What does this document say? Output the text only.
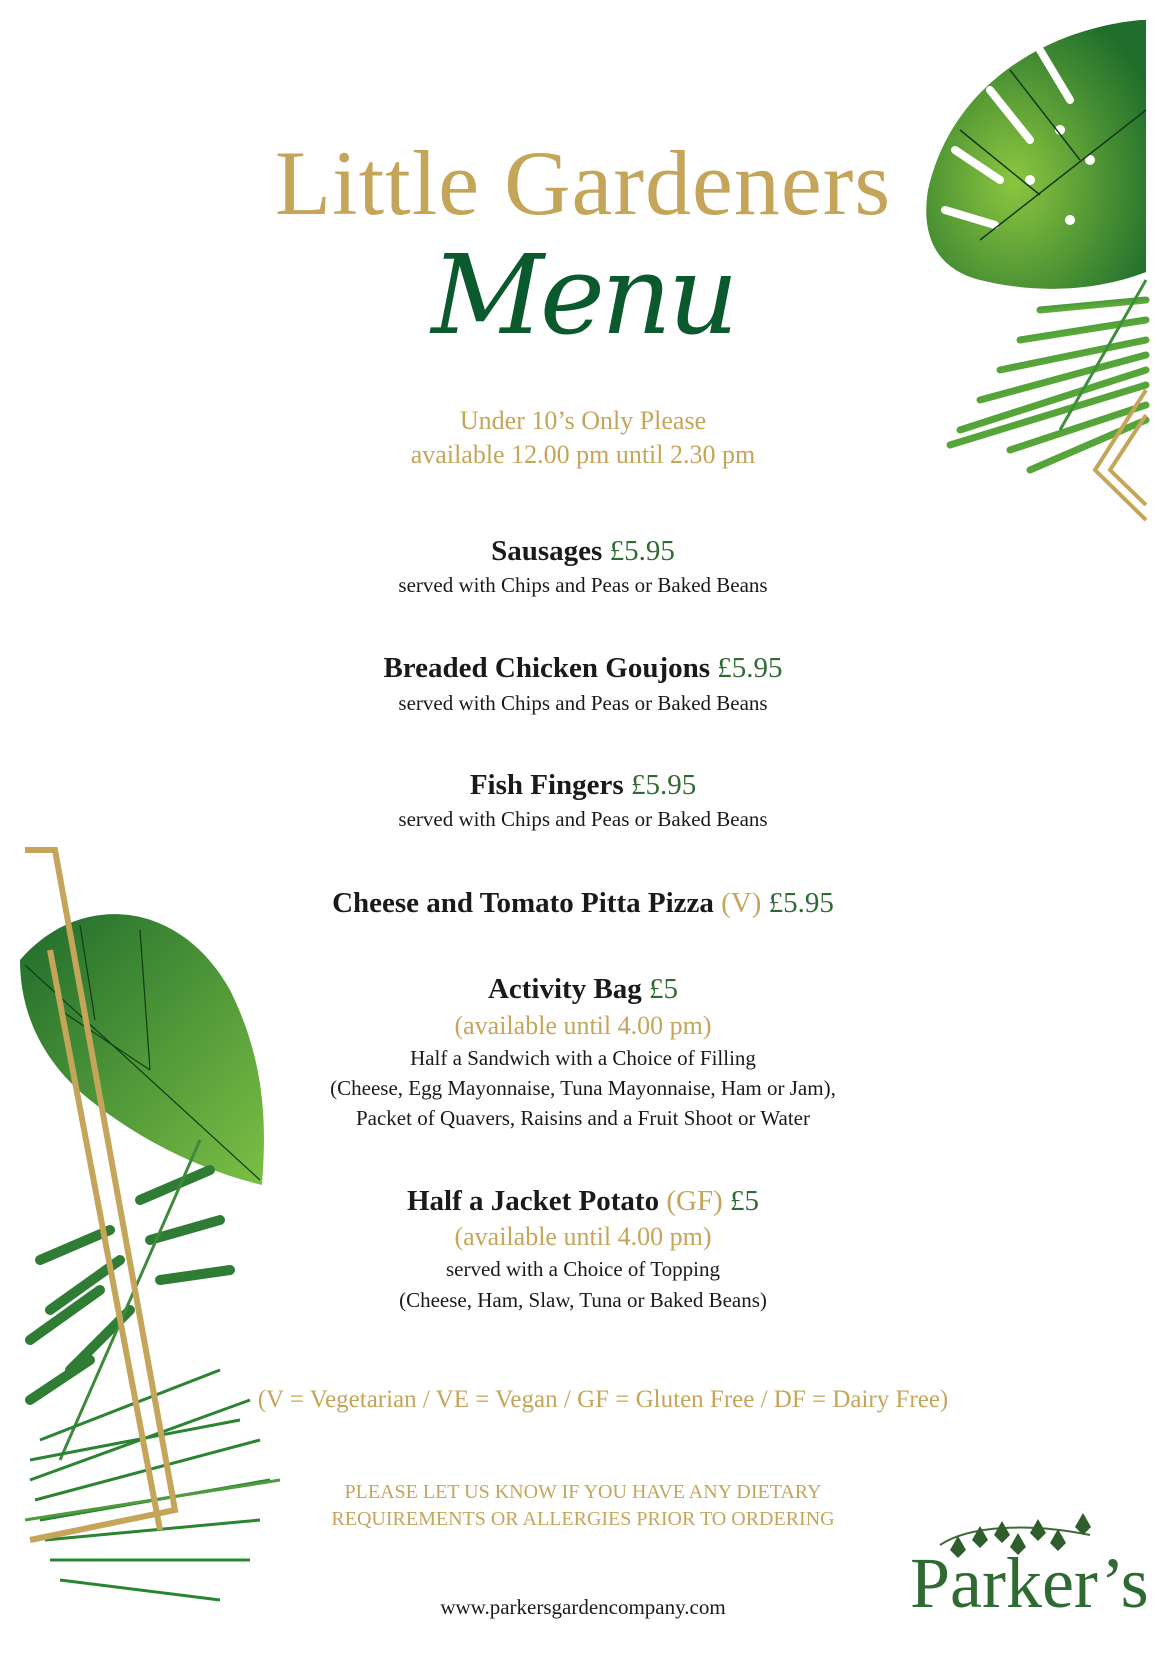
Little Gardeners
Menu
Under 10’s Only Please
available 12.00 pm until 2.30 pm
Sausages £5.95
served with Chips and Peas or Baked Beans
Breaded Chicken Goujons £5.95
served with Chips and Peas or Baked Beans
Fish Fingers £5.95
served with Chips and Peas or Baked Beans
Cheese and Tomato Pitta Pizza (V) £5.95
Activity Bag £5
(available until 4.00 pm)
Half a Sandwich with a Choice of Filling
(Cheese, Egg Mayonnaise, Tuna Mayonnaise, Ham or Jam),
Packet of Quavers, Raisins and a Fruit Shoot or Water
Half a Jacket Potato (GF) £5
(available until 4.00 pm)
served with a Choice of Topping
(Cheese, Ham, Slaw, Tuna or Baked Beans)
(V = Vegetarian / VE = Vegan / GF = Gluten Free / DF = Dairy Free)
PLEASE LET US KNOW IF YOU HAVE ANY DIETARY
REQUIREMENTS OR ALLERGIES PRIOR TO ORDERING
www.parkersgardencompany.com	Parker’s
